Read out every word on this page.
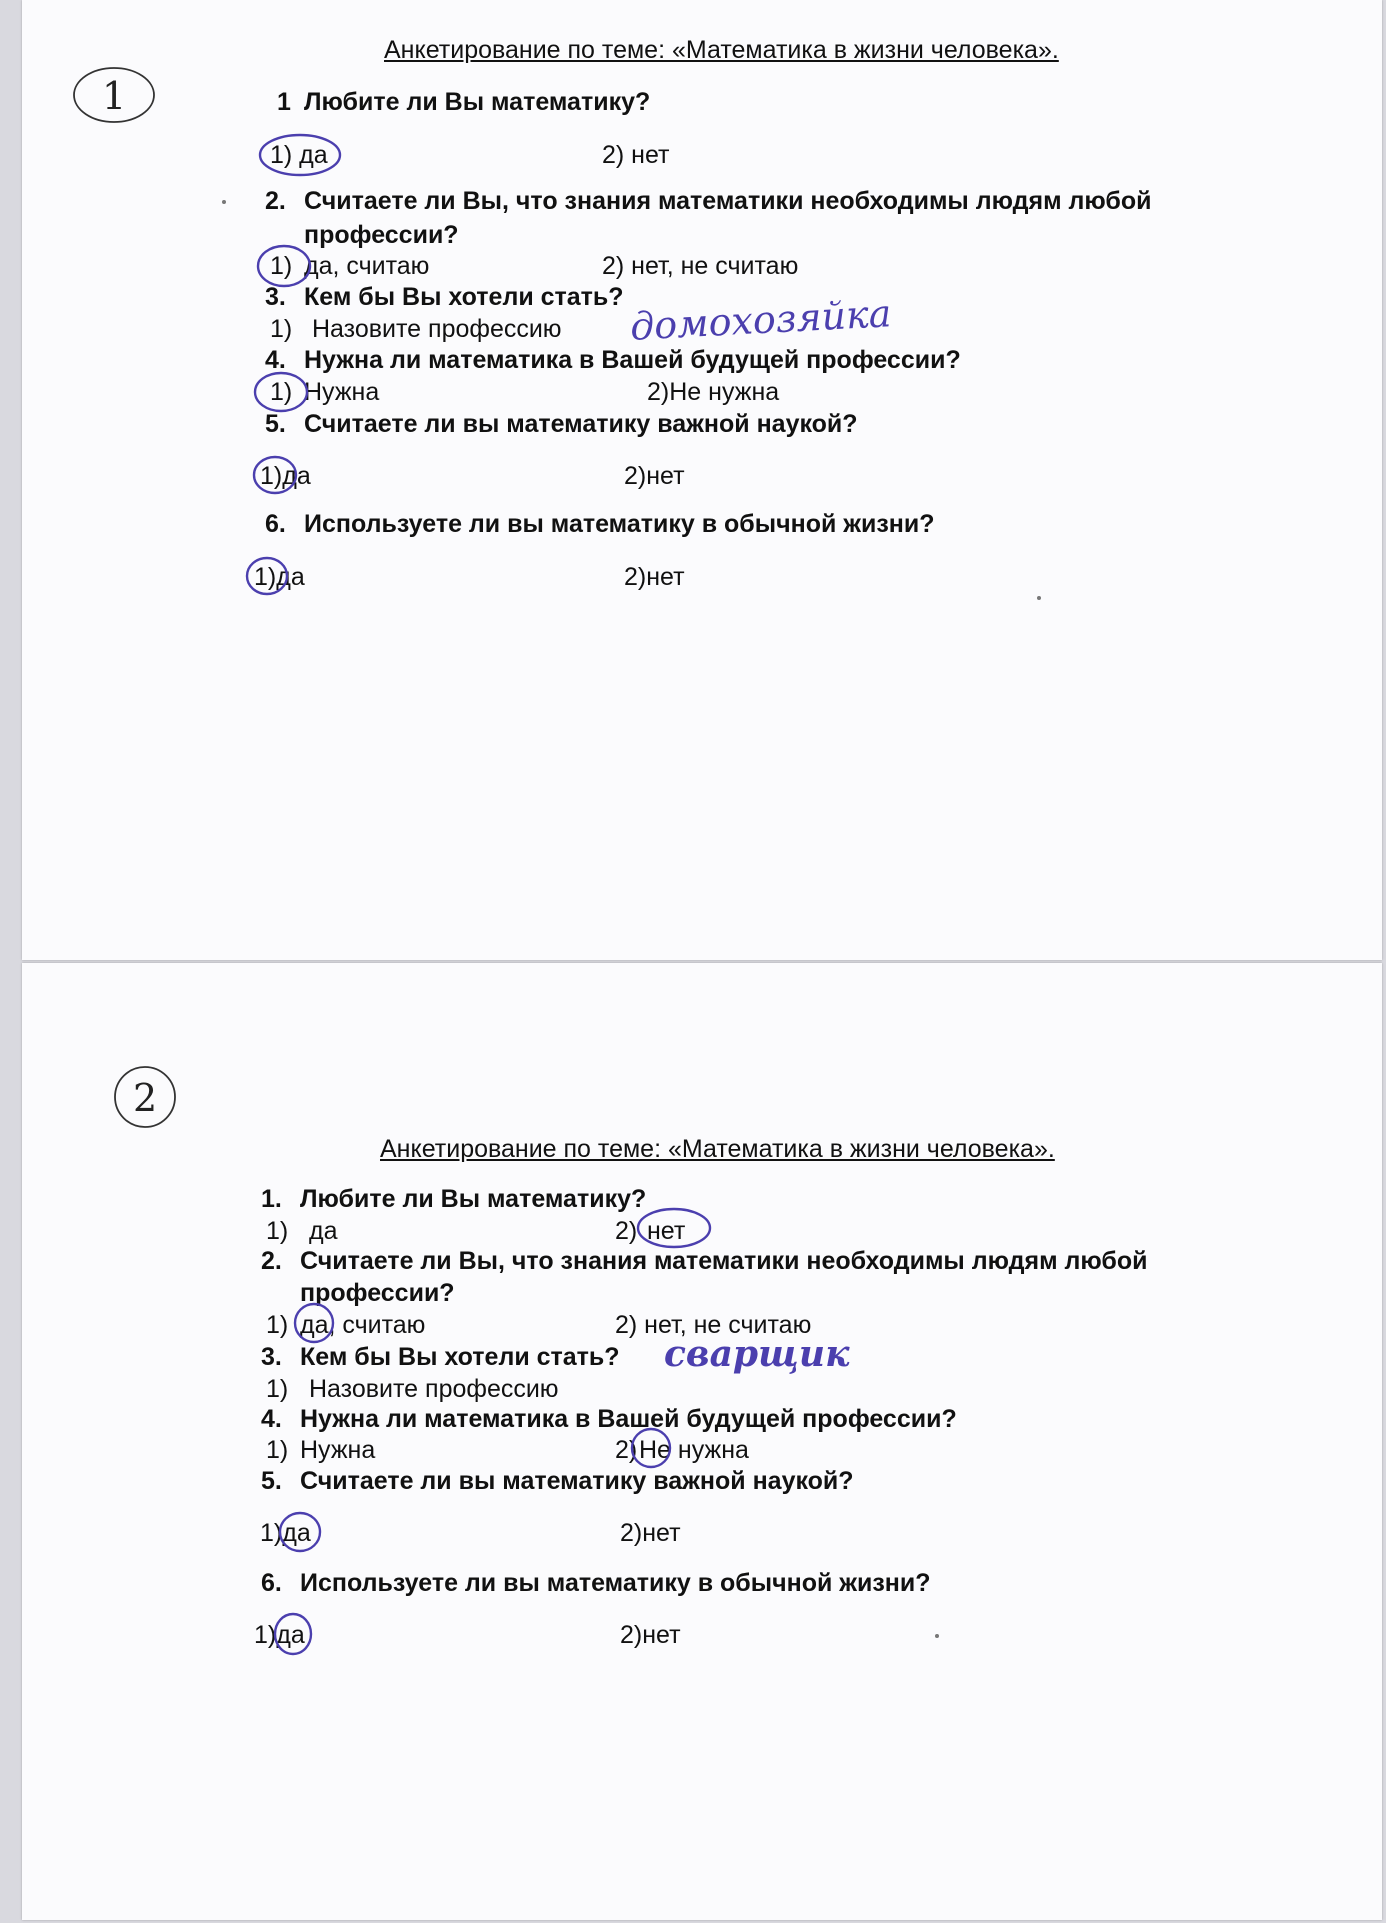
1
Анкетирование по теме: «Математика в жизни человека».
1 Любите ли Вы математику?
1) да	2) нет
2. Считаете ли Вы, что знания математики необходимы людям любой
профессии?
1) да, считаю	2) нет, не считаю
3. Кем бы Вы хотели стать?
1) Назовите профессию домохозяйка
4. Нужна ли математика в Вашей будущей профессии?
1) Нужна	2)Не нужна
5. Считаете ли вы математику важной наукой?
1)да	2)нет
6. Используете ли вы математику в обычной жизни?
1)да	2)нет
2
Анкетирование по теме: «Математика в жизни человека».
1. Любите ли Вы математику?
1) да	2) нет
2. Считаете ли Вы, что знания математики необходимы людям любой
профессии?
1) да, считаю	2) нет, не считаю
3. Кем бы Вы хотели стать? сварщик
1) Назовите профессию
4. Нужна ли математика в Вашей будущей профессии?
1) Нужна	2) Не нужна
5. Считаете ли вы математику важной наукой?
1)да	2)нет
6. Используете ли вы математику в обычной жизни?
1)да	2)нет
